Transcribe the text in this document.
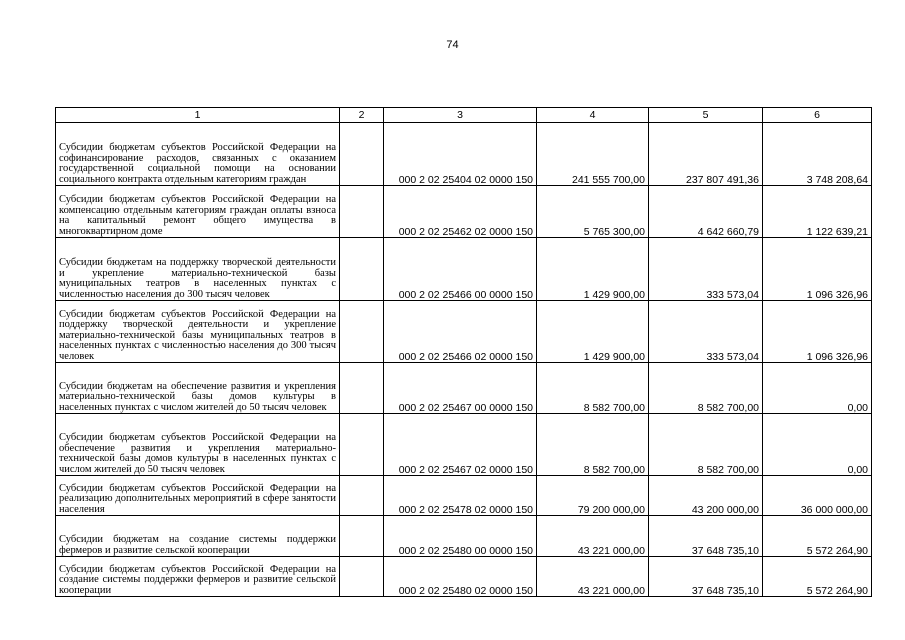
74
1	2	3	4	5	6
Субсидии бюджетам субъектов Российской Федерации на софинансирование расходов, связанных с оказанием государственной социальной помощи на основании социального контракта отдельным категориям граждан		000 2 02 25404 02 0000 150	241 555 700,00	237 807 491,36	3 748 208,64
Субсидии бюджетам субъектов Российской Федерации на компенсацию отдельным категориям граждан оплаты взноса на капитальный ремонт общего имущества в многоквартирном доме		000 2 02 25462 02 0000 150	5 765 300,00	4 642 660,79	1 122 639,21
Субсидии бюджетам на поддержку творческой деятельности и укрепление материально-технической базы муниципальных театров в населенных пунктах с численностью населения до 300 тысяч человек		000 2 02 25466 00 0000 150	1 429 900,00	333 573,04	1 096 326,96
Субсидии бюджетам субъектов Российской Федерации на поддержку творческой деятельности и укрепление материально-технической базы муниципальных театров в населенных пунктах с численностью населения до 300 тысяч человек		000 2 02 25466 02 0000 150	1 429 900,00	333 573,04	1 096 326,96
Субсидии бюджетам на обеспечение развития и укрепления материально-технической базы домов культуры в населенных пунктах с числом жителей до 50 тысяч человек		000 2 02 25467 00 0000 150	8 582 700,00	8 582 700,00	0,00
Субсидии бюджетам субъектов Российской Федерации на обеспечение развития и укрепления материально-технической базы домов культуры в населенных пунктах с числом жителей до 50 тысяч человек		000 2 02 25467 02 0000 150	8 582 700,00	8 582 700,00	0,00
Субсидии бюджетам субъектов Российской Федерации на реализацию дополнительных мероприятий в сфере занятости населения		000 2 02 25478 02 0000 150	79 200 000,00	43 200 000,00	36 000 000,00
Субсидии бюджетам на создание системы поддержки фермеров и развитие сельской кооперации		000 2 02 25480 00 0000 150	43 221 000,00	37 648 735,10	5 572 264,90
Субсидии бюджетам субъектов Российской Федерации на создание системы поддержки фермеров и развитие сельской кооперации		000 2 02 25480 02 0000 150	43 221 000,00	37 648 735,10	5 572 264,90
